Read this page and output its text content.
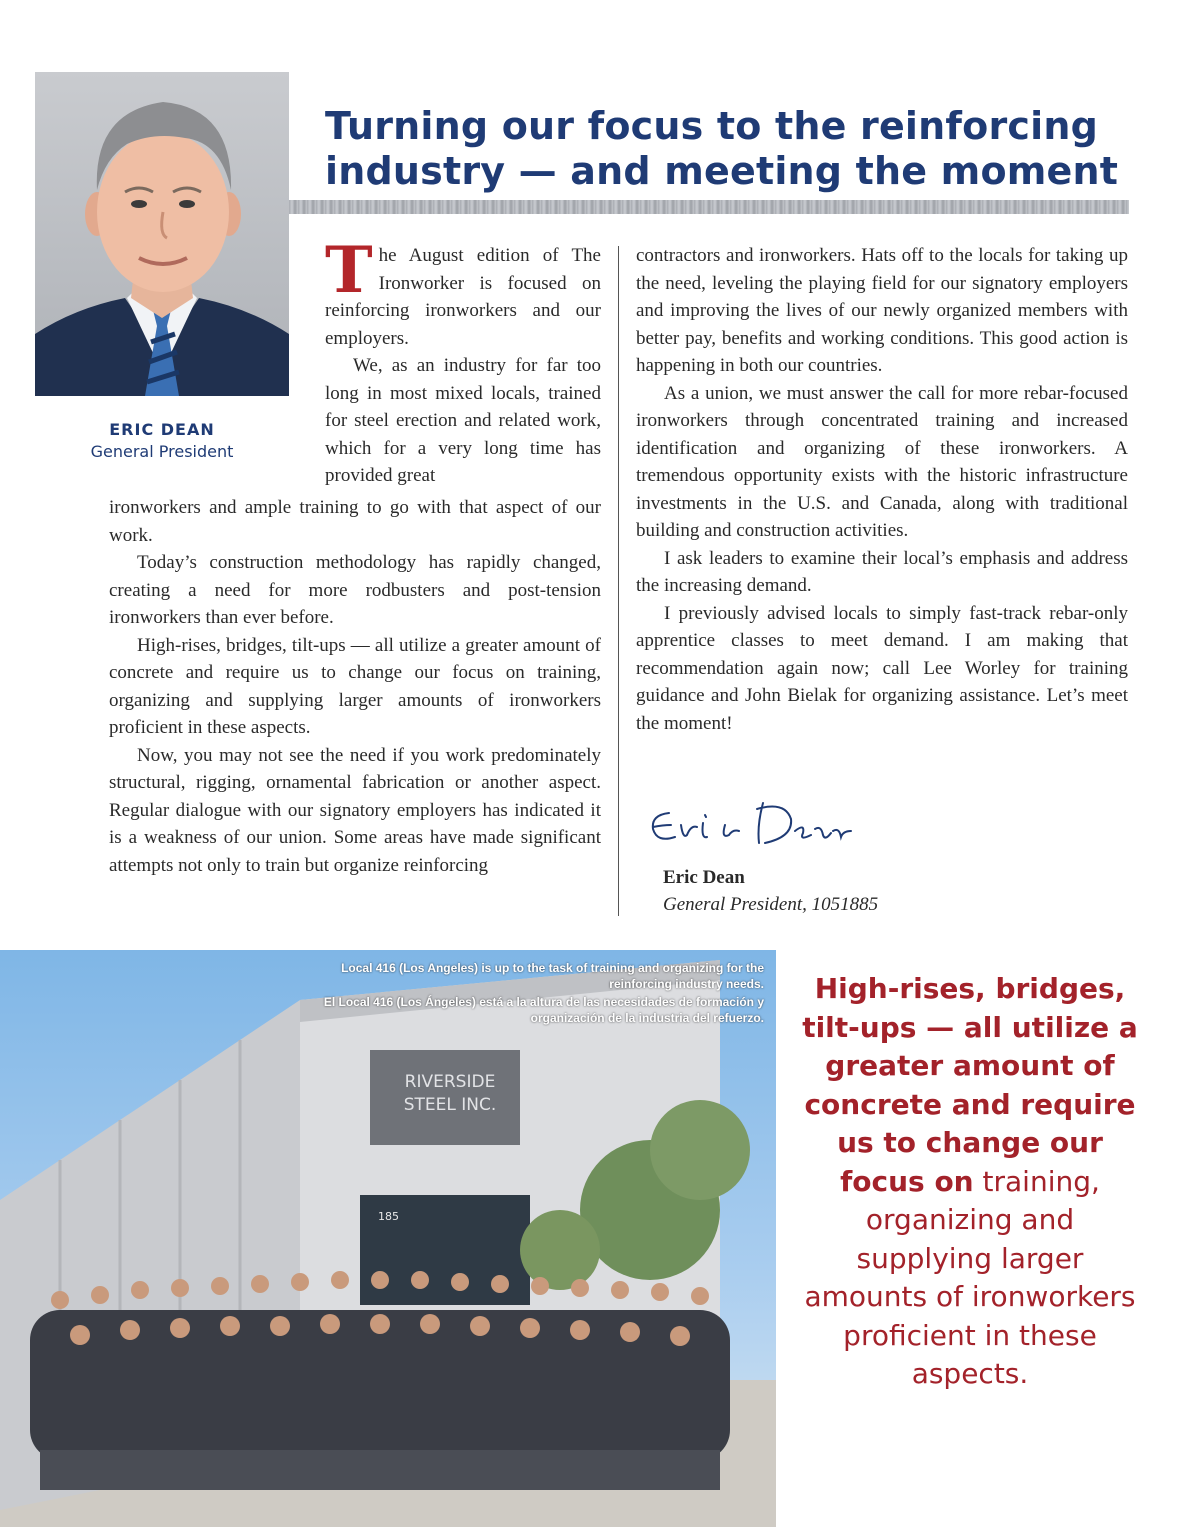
ERIC DEAN
General President
Turning our focus to the reinforcing industry — and meeting the moment

The August edition of The Ironworker is focused on reinforcing ironworkers and our employers.

We, as an industry for far too long in most mixed locals, trained for steel erection and related work, which for a very long time has provided great

ironworkers and ample training to go with that aspect of our work.

Today’s construction methodology has rapidly changed, creating a need for more rodbusters and post-tension ironworkers than ever before.

High-rises, bridges, tilt-ups — all utilize a greater amount of concrete and require us to change our focus on training, organizing and supplying larger amounts of ironworkers proficient in these aspects.

Now, you may not see the need if you work predominately structural, rigging, ornamental fabrication or another aspect. Regular dialogue with our signatory employers has indicated it is a weakness of our union. Some areas have made significant attempts not only to train but organize reinforcing

contractors and ironworkers. Hats off to the locals for taking up the need, leveling the playing field for our signatory employers and improving the lives of our newly organized members with better pay, benefits and working conditions. This good action is happening in both our countries.

As a union, we must answer the call for more rebar-focused ironworkers through concentrated training and increased identification and organizing of these ironworkers. A tremendous opportunity exists with the historic infrastructure investments in the U.S. and Canada, along with traditional building and construction activities.

I ask leaders to examine their local’s emphasis and address the increasing demand.

I previously advised locals to simply fast-track rebar-only apprentice classes to meet demand. I am making that recommendation again now; call Lee Worley for training guidance and John Bielak for organizing assistance. Let’s meet the moment!

Eric Dean
General President, 1051885
RIVERSIDE
STEEL INC.
185

Local 416 (Los Angeles) is up to the task of training and organizing for the reinforcing industry needs.

El Local 416 (Los Ángeles) está a la altura de las necesidades de formación y organización de la industria del refuerzo.

High-rises, bridges, tilt-ups — all utilize a greater amount of concrete and require us to change our focus on training, organizing and supplying larger amounts of ironworkers proficient in these aspects.
